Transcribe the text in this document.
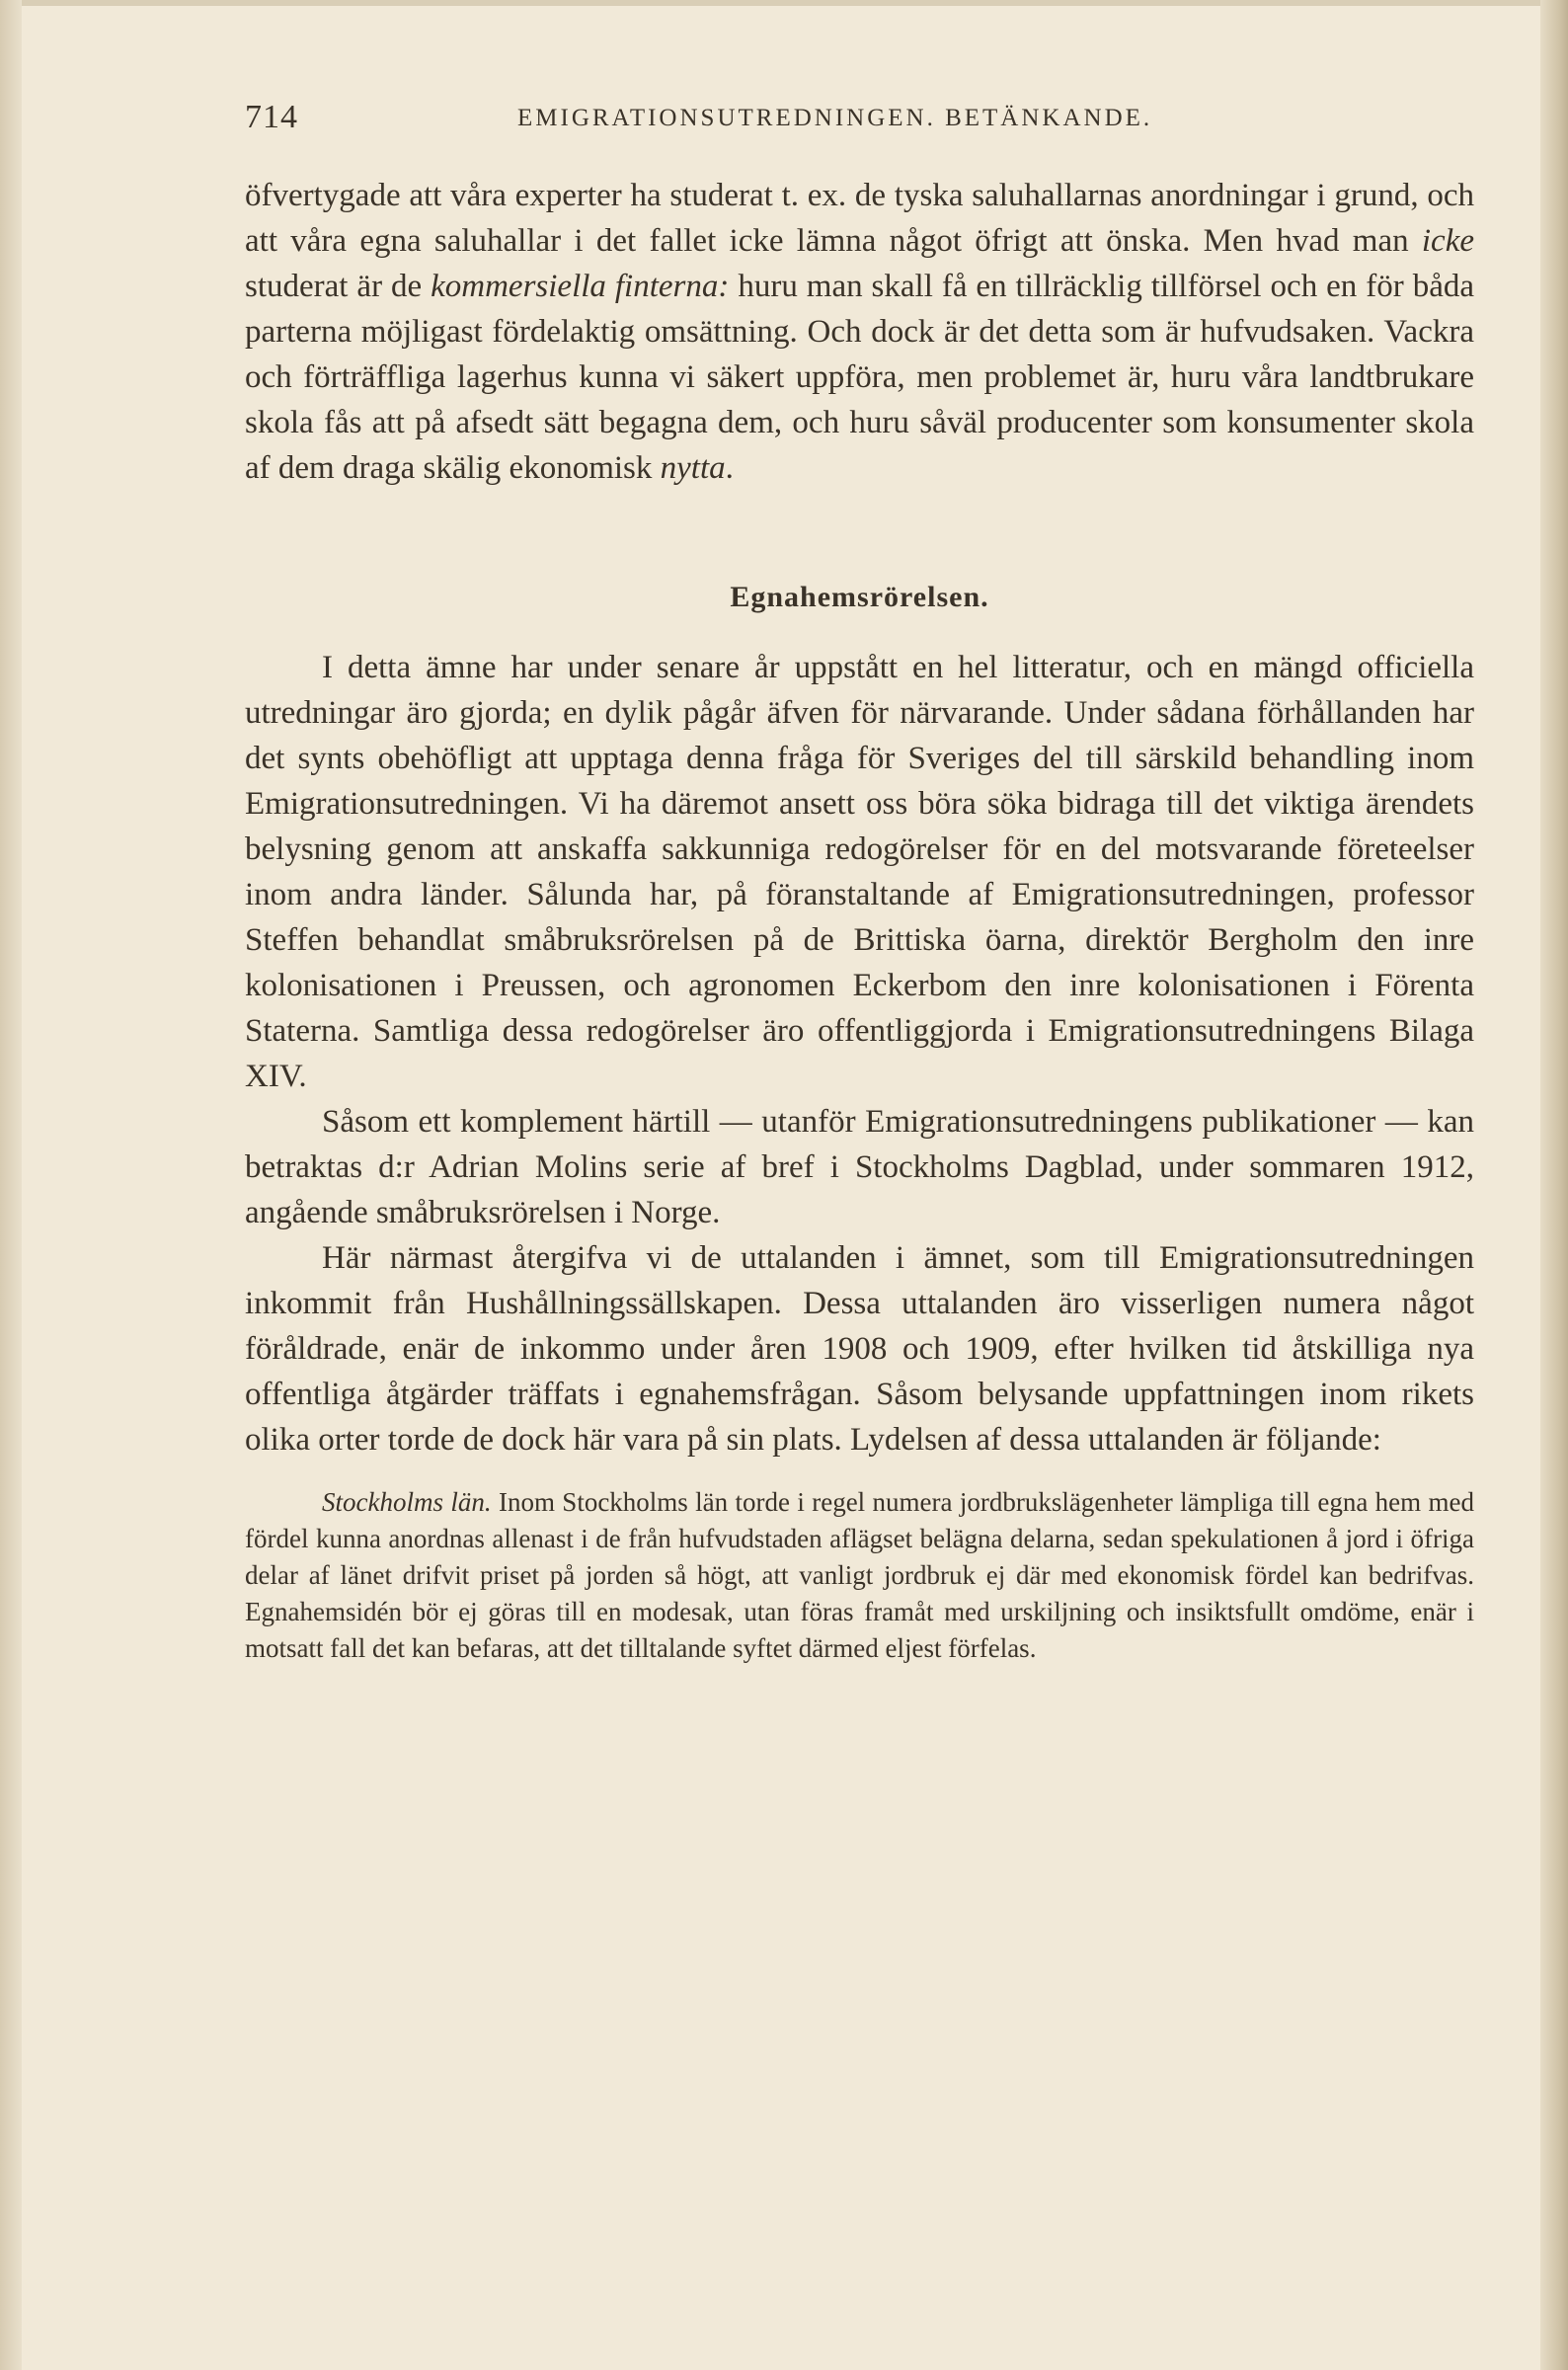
714	EMIGRATIONSUTREDNINGEN. BETÄNKANDE.

öfvertygade att våra experter ha studerat t. ex. de tyska saluhallarnas anordningar i grund, och att våra egna saluhallar i det fallet icke lämna något öfrigt att önska. Men hvad man icke studerat är de kommersiella finterna: huru man skall få en tillräcklig tillförsel och en för båda parterna möjligast fördelaktig omsättning. Och dock är det detta som är hufvudsaken. Vackra och förträffliga lagerhus kunna vi säkert uppföra, men problemet är, huru våra landtbrukare skola fås att på afsedt sätt begagna dem, och huru såväl producenter som konsumenter skola af dem draga skälig ekonomisk nytta.

Egnahemsrörelsen.

I detta ämne har under senare år uppstått en hel litteratur, och en mängd officiella utredningar äro gjorda; en dylik pågår äfven för närvarande. Under sådana förhållanden har det synts obehöfligt att upptaga denna fråga för Sveriges del till särskild behandling inom Emigrationsutredningen. Vi ha däremot ansett oss böra söka bidraga till det viktiga ärendets belysning genom att anskaffa sakkunniga redogörelser för en del motsvarande företeelser inom andra länder. Sålunda har, på föranstaltande af Emigrationsutredningen, professor Steffen behandlat småbruksrörelsen på de Brittiska öarna, direktör Bergholm den inre kolonisationen i Preussen, och agronomen Eckerbom den inre kolonisationen i Förenta Staterna. Samtliga dessa redogörelser äro offentliggjorda i Emigrationsutredningens Bilaga XIV.

Såsom ett komplement härtill — utanför Emigrationsutredningens publikationer — kan betraktas d:r Adrian Molins serie af bref i Stockholms Dagblad, under sommaren 1912, angående småbruksrörelsen i Norge.

Här närmast återgifva vi de uttalanden i ämnet, som till Emigrationsutredningen inkommit från Hushållningssällskapen. Dessa uttalanden äro visserligen numera något föråldrade, enär de inkommo under åren 1908 och 1909, efter hvilken tid åtskilliga nya offentliga åtgärder träffats i egnahemsfrågan. Såsom belysande uppfattningen inom rikets olika orter torde de dock här vara på sin plats. Lydelsen af dessa uttalanden är följande:

Stockholms län. Inom Stockholms län torde i regel numera jordbrukslägenheter lämpliga till egna hem med fördel kunna anordnas allenast i de från hufvudstaden aflägset belägna delarna, sedan spekulationen å jord i öfriga delar af länet drifvit priset på jorden så högt, att vanligt jordbruk ej där med ekonomisk fördel kan bedrifvas. Egnahemsidén bör ej göras till en modesak, utan föras framåt med urskiljning och insiktsfullt omdöme, enär i motsatt fall det kan befaras, att det tilltalande syftet därmed eljest förfelas.
